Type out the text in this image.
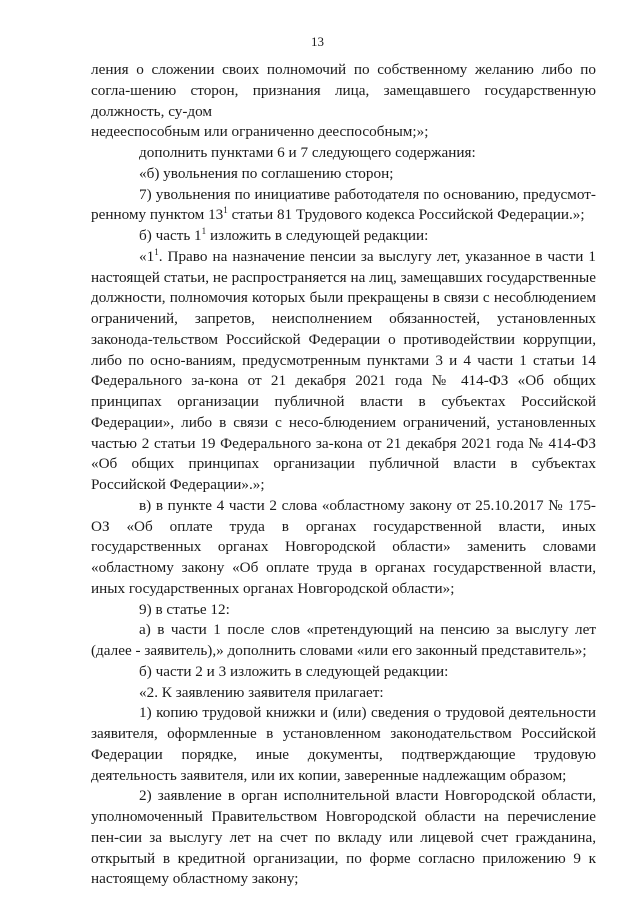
13

ления о сложении своих полномочий по собственному желанию либо по согла-шению сторон, признания лица, замещавшего государственную должность, су-дом

недееспособным или ограниченно дееспособным;»;

дополнить пунктами 6 и 7 следующего содержания:

«б) увольнения по соглашению сторон;

7) увольнения по инициативе работодателя по основанию, предусмот-ренному пунктом $13^1$ статьи 81 Трудового кодекса Российской Федерации.»;

б) часть $1^1$ изложить в следующей редакции:

«$1^1$. Право на назначение пенсии за выслугу лет, указанное в части 1 настоящей статьи, не распространяется на лиц, замещавших государственные должности, полномочия которых были прекращены в связи с несоблюдением ограничений, запретов, неисполнением обязанностей, установленных законода-тельством Российской Федерации о противодействии коррупции, либо по осно-ваниям, предусмотренным пунктами 3 и 4 части 1 статьи 14 Федерального за-кона от 21 декабря 2021 года № 414-ФЗ «Об общих принципах организации публичной власти в субъектах Российской Федерации», либо в связи с несо-блюдением ограничений, установленных частью 2 статьи 19 Федерального за-кона от 21 декабря 2021 года № 414-ФЗ «Об общих принципах организации публичной власти в субъектах Российской Федерации».»;

в) в пункте 4 части 2 слова «областному закону от 25.10.2017 № 175-ОЗ «Об оплате труда в органах государственной власти, иных государственных органах Новгородской области» заменить словами «областному закону «Об оплате труда в органах государственной власти, иных государственных органах Новгородской области»;

9) в статье 12:

а) в части 1 после слов «претендующий на пенсию за выслугу лет (далее - заявитель),» дополнить словами «или его законный представитель»;

б) части 2 и 3 изложить в следующей редакции:

«2. К заявлению заявителя прилагает:

1) копию трудовой книжки и (или) сведения о трудовой деятельности заявителя, оформленные в установленном законодательством Российской Федерации порядке, иные документы, подтверждающие трудовую деятельность заявителя, или их копии, заверенные надлежащим образом;

2) заявление в орган исполнительной власти Новгородской области, уполномоченный Правительством Новгородской области на перечисление пен-сии за выслугу лет на счет по вкладу или лицевой счет гражданина, открытый в кредитной организации, по форме согласно приложению 9 к настоящему областному закону;
